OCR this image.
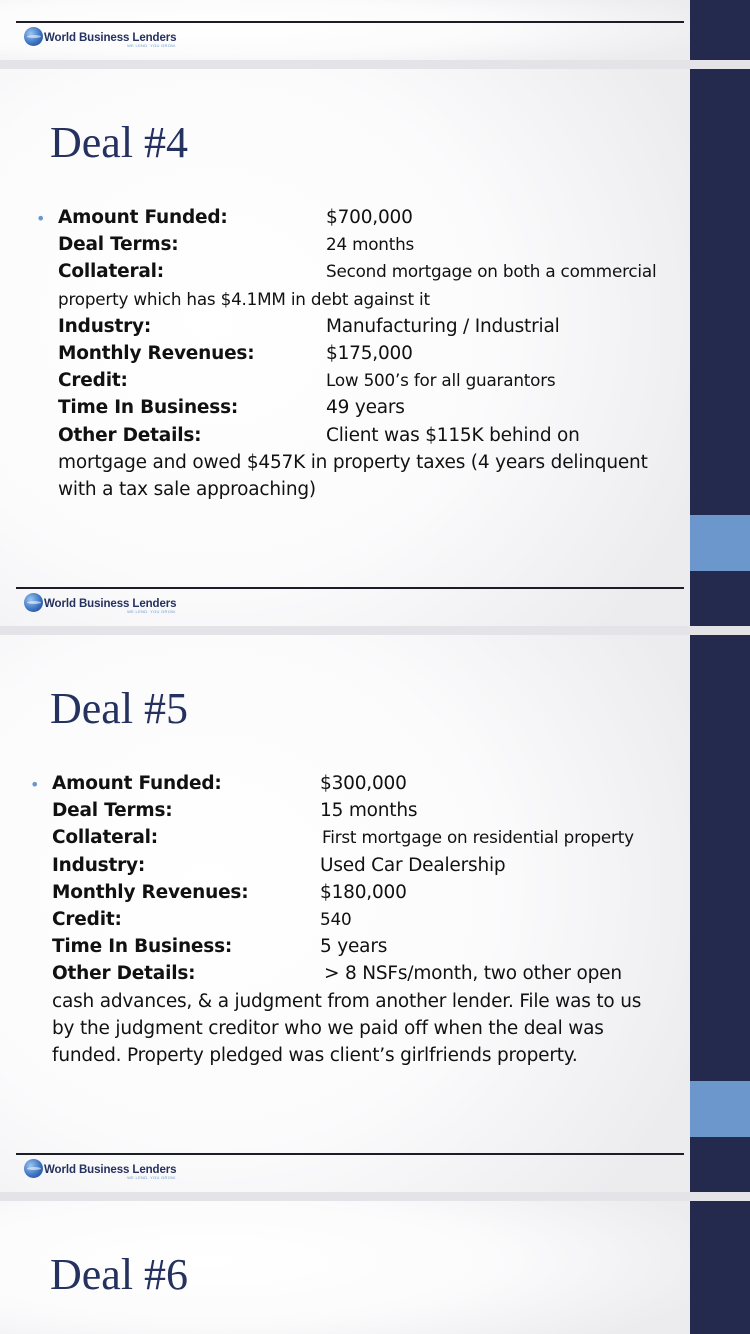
World Business Lenders
WE LEND. YOU GROW.
Deal #4
• Amount Funded:	$700,000
Deal Terms:	24 months
Collateral:	Second mortgage on both a commercial
property which has $4.1MM in debt against it
Industry:	Manufacturing / Industrial
Monthly Revenues:	$175,000
Credit:	Low 500’s for all guarantors
Time In Business:	49 years
Other Details:	Client was $115K behind on
mortgage and owed $457K in property taxes (4 years delinquent with a tax sale approaching)
World Business Lenders
WE LEND. YOU GROW.
Deal #5
• Amount Funded:	$300,000
Deal Terms:	15 months
Collateral:	First mortgage on residential property
Industry:	Used Car Dealership
Monthly Revenues:	$180,000
Credit:	540
Time In Business:	5 years
Other Details:	> 8 NSFs/month, two other open
cash advances, & a judgment from another lender. File was to us by the judgment creditor who we paid off when the deal was funded. Property pledged was client’s girlfriends property.
World Business Lenders
WE LEND. YOU GROW.
Deal #6
